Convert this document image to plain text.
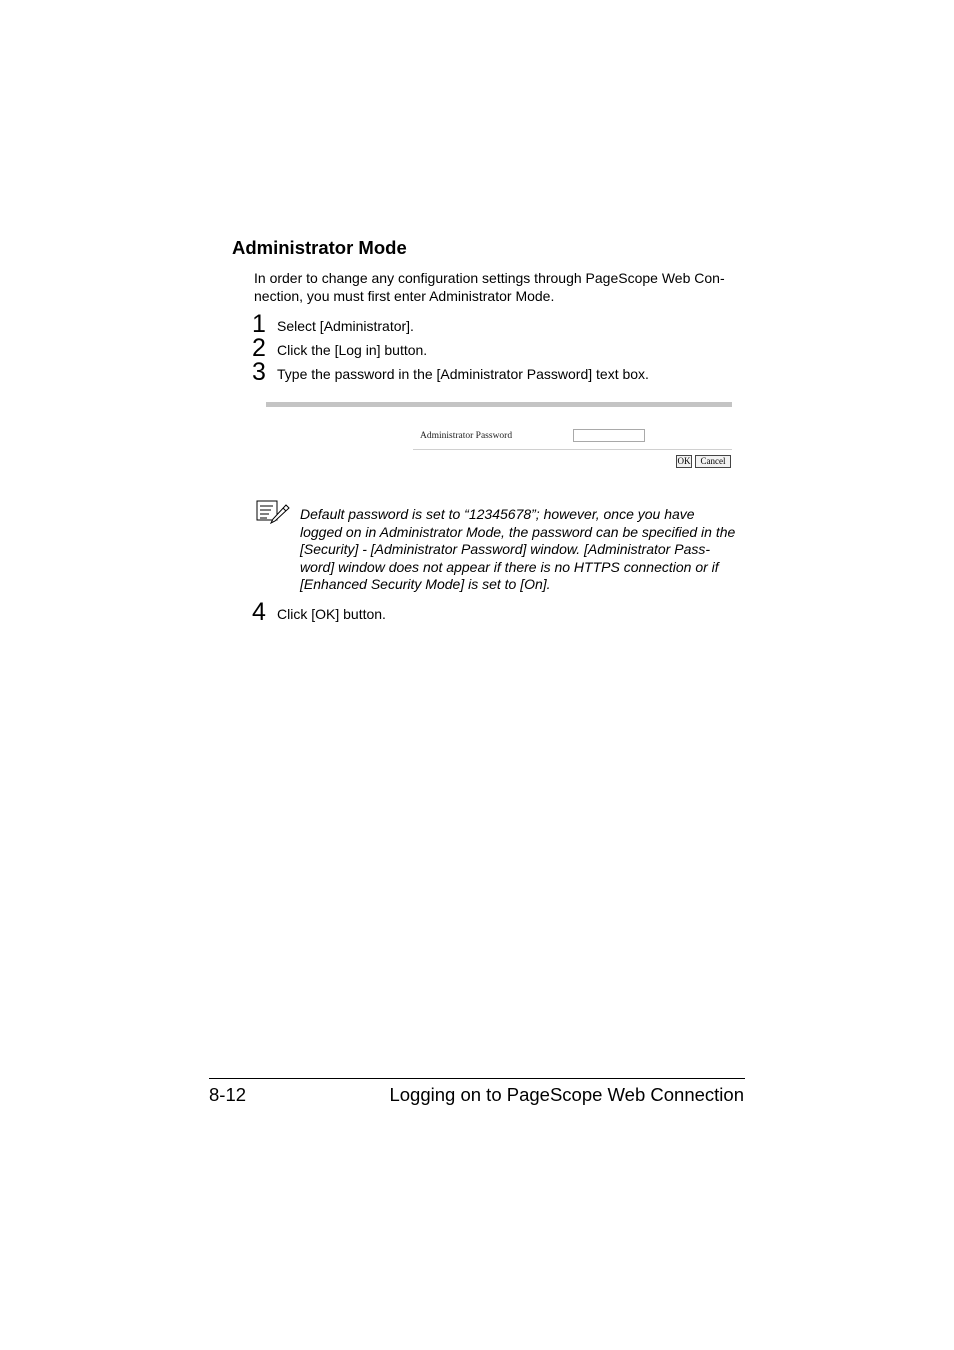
Administrator Mode
In order to change any configuration settings through PageScope Web Con-
nection, you must first enter Administrator Mode.
1 Select [Administrator].
2 Click the [Log in] button.
3 Type the password in the [Administrator Password] text box.
Administrator Password
OK	Cancel
Default password is set to “12345678”; however, once you have
logged on in Administrator Mode, the password can be specified in the
[Security] - [Administrator Password] window. [Administrator Pass-
word] window does not appear if there is no HTTPS connection or if
[Enhanced Security Mode] is set to [On].
4 Click [OK] button.
8-12	Logging on to PageScope Web Connection
